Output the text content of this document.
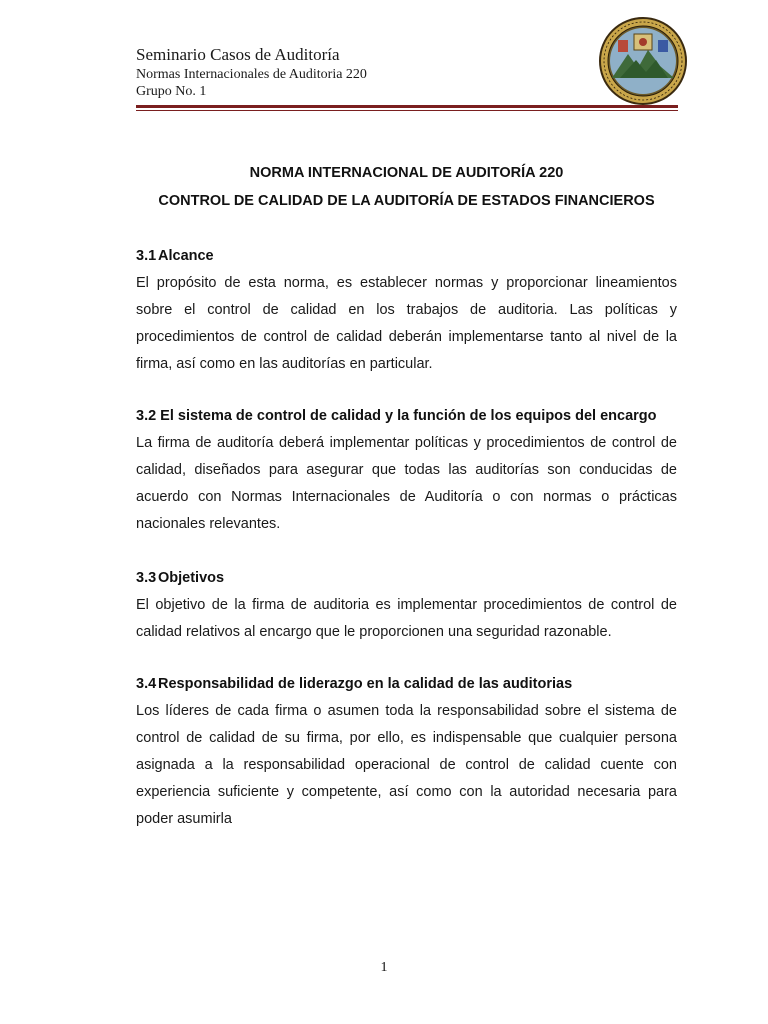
Seminario Casos de Auditoría
Normas Internacionales de Auditoria 220
Grupo No. 1
NORMA INTERNACIONAL DE AUDITORÍA 220
CONTROL DE CALIDAD DE LA AUDITORÍA DE ESTADOS FINANCIEROS
3.1 Alcance

El propósito de esta norma, es establecer normas y proporcionar lineamientos sobre el control de calidad en los trabajos de auditoria. Las políticas y procedimientos de control de calidad deberán implementarse tanto al nivel de la firma, así como en las auditorías en particular.

3.2 El sistema de control de calidad y la función de los equipos del encargo

La firma de auditoría deberá implementar políticas y procedimientos de control de calidad, diseñados para asegurar que todas las auditorías son conducidas de acuerdo con Normas Internacionales de Auditoría o con normas o prácticas nacionales relevantes.

3.3 Objetivos

El objetivo de la firma de auditoria es implementar procedimientos de control de calidad relativos al encargo que le proporcionen una seguridad razonable.

3.4 Responsabilidad de liderazgo en la calidad de las auditorias

Los líderes de cada firma o asumen toda la responsabilidad sobre el sistema de control de calidad de su firma, por ello, es indispensable que cualquier persona asignada a la responsabilidad operacional de control de calidad cuente con experiencia suficiente y competente, así como con la autoridad necesaria para poder asumirla

1
